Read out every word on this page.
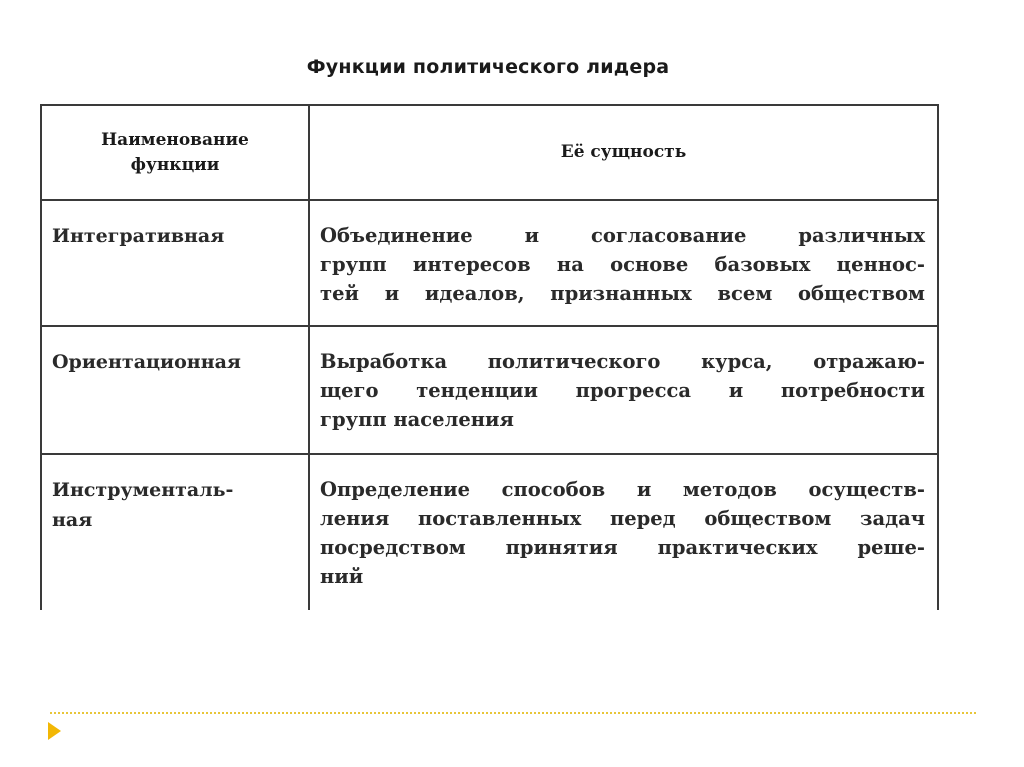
Функции политического лидера
Наименование
функции	Её сущность
Интегративная	Объединение и согласование различных
групп интересов на основе базовых ценнос-
тей и идеалов, признанных всем обществом

Ориентационная	Выработка политического курса, отражаю-
щего тенденции прогресса и потребности
групп населения

Инструменталь-
ная	Определение способов и методов осуществ-
ления поставленных перед обществом задач
посредством принятия практических реше-
ний
